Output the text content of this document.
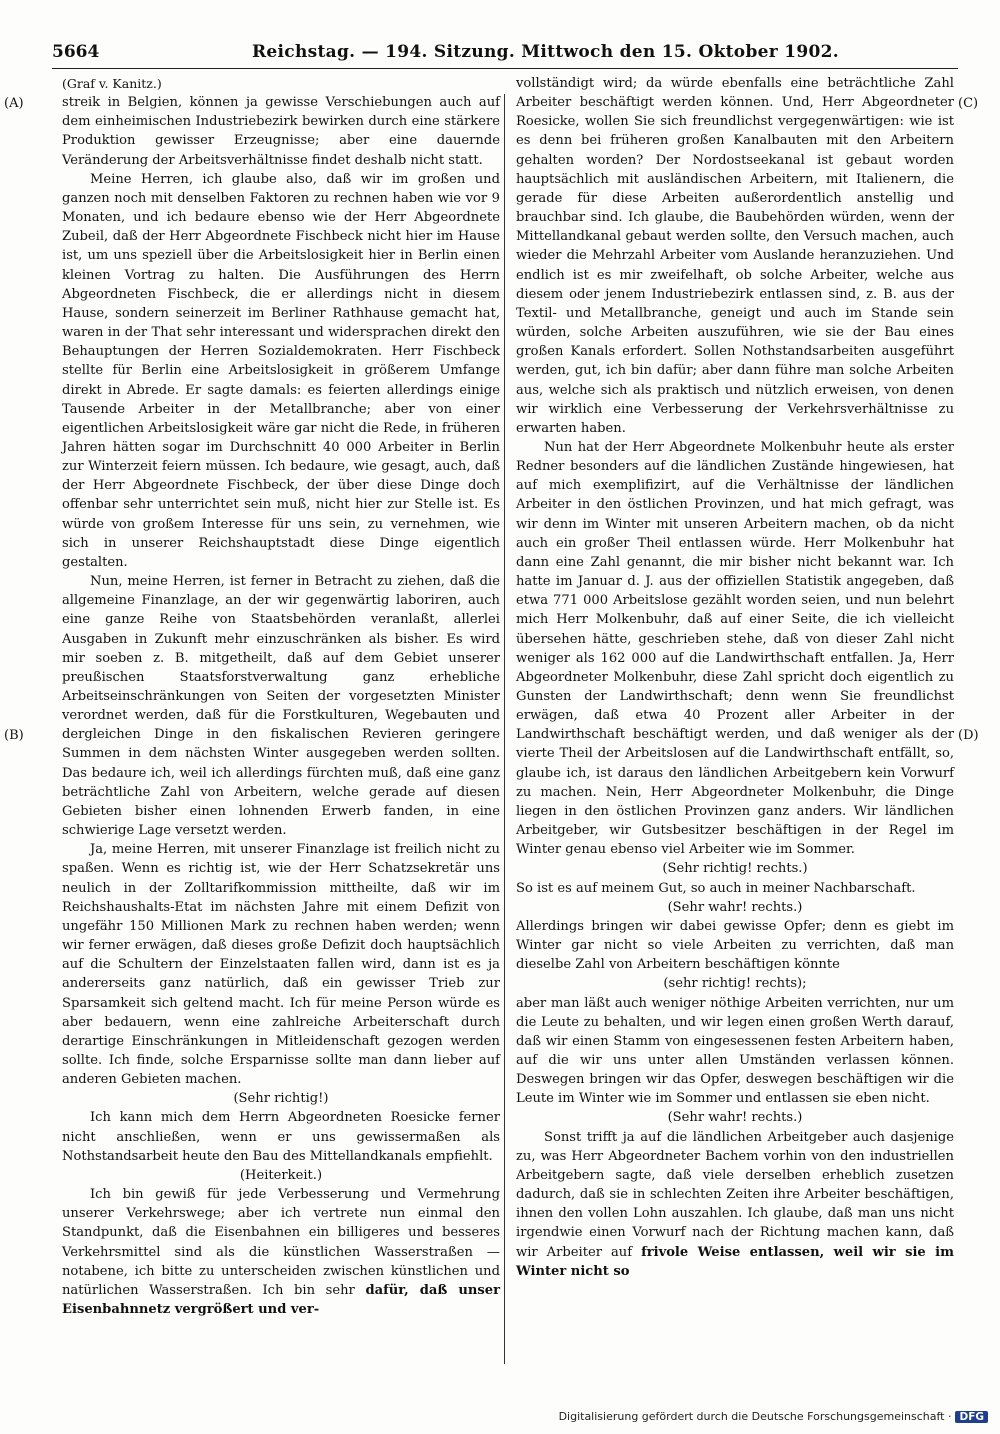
5664	Reichstag. — 194. Sitzung. Mittwoch den 15. Oktober 1902.
(A)
(B)
(C)
(D)

(Graf v. Kanitz.)

streik in Belgien, können ja gewisse Verschiebungen auch auf dem einheimischen Industriebezirk bewirken durch eine stärkere Produktion gewisser Erzeugnisse; aber eine dauernde Veränderung der Arbeitsverhältnisse findet deshalb nicht statt.

Meine Herren, ich glaube also, daß wir im großen und ganzen noch mit denselben Faktoren zu rechnen haben wie vor 9 Monaten, und ich bedaure ebenso wie der Herr Abgeordnete Zubeil, daß der Herr Abgeordnete Fischbeck nicht hier im Hause ist, um uns speziell über die Arbeitslosigkeit hier in Berlin einen kleinen Vortrag zu halten. Die Ausführungen des Herrn Abgeordneten Fischbeck, die er allerdings nicht in diesem Hause, sondern seinerzeit im Berliner Rathhause gemacht hat, waren in der That sehr interessant und widersprachen direkt den Behauptungen der Herren Sozialdemokraten. Herr Fischbeck stellte für Berlin eine Arbeitslosigkeit in größerem Umfange direkt in Abrede. Er sagte damals: es feierten allerdings einige Tausende Arbeiter in der Metallbranche; aber von einer eigentlichen Arbeitslosigkeit wäre gar nicht die Rede, in früheren Jahren hätten sogar im Durchschnitt 40 000 Arbeiter in Berlin zur Winterzeit feiern müssen. Ich bedaure, wie gesagt, auch, daß der Herr Abgeordnete Fischbeck, der über diese Dinge doch offenbar sehr unterrichtet sein muß, nicht hier zur Stelle ist. Es würde von großem Interesse für uns sein, zu vernehmen, wie sich in unserer Reichshauptstadt diese Dinge eigentlich gestalten.

Nun, meine Herren, ist ferner in Betracht zu ziehen, daß die allgemeine Finanzlage, an der wir gegenwärtig laboriren, auch eine ganze Reihe von Staatsbehörden veranlaßt, allerlei Ausgaben in Zukunft mehr einzuschränken als bisher. Es wird mir soeben z. B. mitgetheilt, daß auf dem Gebiet unserer preußischen Staatsforstverwaltung ganz erhebliche Arbeitseinschränkungen von Seiten der vorgesetzten Minister verordnet werden, daß für die Forstkulturen, Wegebauten und dergleichen Dinge in den fiskalischen Revieren geringere Summen in dem nächsten Winter ausgegeben werden sollten. Das bedaure ich, weil ich allerdings fürchten muß, daß eine ganz beträchtliche Zahl von Arbeitern, welche gerade auf diesen Gebieten bisher einen lohnenden Erwerb fanden, in eine schwierige Lage versetzt werden.

Ja, meine Herren, mit unserer Finanzlage ist freilich nicht zu spaßen. Wenn es richtig ist, wie der Herr Schatzsekretär uns neulich in der Zolltarifkommission mittheilte, daß wir im Reichshaushalts-Etat im nächsten Jahre mit einem Defizit von ungefähr 150 Millionen Mark zu rechnen haben werden; wenn wir ferner erwägen, daß dieses große Defizit doch hauptsächlich auf die Schultern der Einzelstaaten fallen wird, dann ist es ja andererseits ganz natürlich, daß ein gewisser Trieb zur Sparsamkeit sich geltend macht. Ich für meine Person würde es aber bedauern, wenn eine zahlreiche Arbeiterschaft durch derartige Einschränkungen in Mitleidenschaft gezogen werden sollte. Ich finde, solche Ersparnisse sollte man dann lieber auf anderen Gebieten machen.

(Sehr richtig!)

Ich kann mich dem Herrn Abgeordneten Roesicke ferner nicht anschließen, wenn er uns gewissermaßen als Nothstandsarbeit heute den Bau des Mittellandkanals empfiehlt.

(Heiterkeit.)

Ich bin gewiß für jede Verbesserung und Vermehrung unserer Verkehrswege; aber ich vertrete nun einmal den Standpunkt, daß die Eisenbahnen ein billigeres und besseres Verkehrsmittel sind als die künstlichen Wasserstraßen — notabene, ich bitte zu unterscheiden zwischen künstlichen und natürlichen Wasserstraßen. Ich bin sehr dafür, daß unser Eisenbahnnetz vergrößert und ver-

vollständigt wird; da würde ebenfalls eine beträchtliche Zahl Arbeiter beschäftigt werden können. Und, Herr Abgeordneter Roesicke, wollen Sie sich freundlichst vergegenwärtigen: wie ist es denn bei früheren großen Kanalbauten mit den Arbeitern gehalten worden? Der Nordostseekanal ist gebaut worden hauptsächlich mit ausländischen Arbeitern, mit Italienern, die gerade für diese Arbeiten außerordentlich anstellig und brauchbar sind. Ich glaube, die Baubehörden würden, wenn der Mittellandkanal gebaut werden sollte, den Versuch machen, auch wieder die Mehrzahl Arbeiter vom Auslande heranzuziehen. Und endlich ist es mir zweifelhaft, ob solche Arbeiter, welche aus diesem oder jenem Industriebezirk entlassen sind, z. B. aus der Textil- und Metallbranche, geneigt und auch im Stande sein würden, solche Arbeiten auszuführen, wie sie der Bau eines großen Kanals erfordert. Sollen Nothstandsarbeiten ausgeführt werden, gut, ich bin dafür; aber dann führe man solche Arbeiten aus, welche sich als praktisch und nützlich erweisen, von denen wir wirklich eine Verbesserung der Verkehrsverhältnisse zu erwarten haben.

Nun hat der Herr Abgeordnete Molkenbuhr heute als erster Redner besonders auf die ländlichen Zustände hingewiesen, hat auf mich exemplifizirt, auf die Verhältnisse der ländlichen Arbeiter in den östlichen Provinzen, und hat mich gefragt, was wir denn im Winter mit unseren Arbeitern machen, ob da nicht auch ein großer Theil entlassen würde. Herr Molkenbuhr hat dann eine Zahl genannt, die mir bisher nicht bekannt war. Ich hatte im Januar d. J. aus der offiziellen Statistik angegeben, daß etwa 771 000 Arbeitslose gezählt worden seien, und nun belehrt mich Herr Molkenbuhr, daß auf einer Seite, die ich vielleicht übersehen hätte, geschrieben stehe, daß von dieser Zahl nicht weniger als 162 000 auf die Landwirthschaft entfallen. Ja, Herr Abgeordneter Molkenbuhr, diese Zahl spricht doch eigentlich zu Gunsten der Landwirthschaft; denn wenn Sie freundlichst erwägen, daß etwa 40 Prozent aller Arbeiter in der Landwirthschaft beschäftigt werden, und daß weniger als der vierte Theil der Arbeitslosen auf die Landwirthschaft entfällt, so, glaube ich, ist daraus den ländlichen Arbeitgebern kein Vorwurf zu machen. Nein, Herr Abgeordneter Molkenbuhr, die Dinge liegen in den östlichen Provinzen ganz anders. Wir ländlichen Arbeitgeber, wir Gutsbesitzer beschäftigen in der Regel im Winter genau ebenso viel Arbeiter wie im Sommer.

(Sehr richtig! rechts.)

So ist es auf meinem Gut, so auch in meiner Nachbarschaft.

(Sehr wahr! rechts.)

Allerdings bringen wir dabei gewisse Opfer; denn es giebt im Winter gar nicht so viele Arbeiten zu verrichten, daß man dieselbe Zahl von Arbeitern beschäftigen könnte

(sehr richtig! rechts);

aber man läßt auch weniger nöthige Arbeiten verrichten, nur um die Leute zu behalten, und wir legen einen großen Werth darauf, daß wir einen Stamm von eingesessenen festen Arbeitern haben, auf die wir uns unter allen Umständen verlassen können. Deswegen bringen wir das Opfer, deswegen beschäftigen wir die Leute im Winter wie im Sommer und entlassen sie eben nicht.

(Sehr wahr! rechts.)

Sonst trifft ja auf die ländlichen Arbeitgeber auch dasjenige zu, was Herr Abgeordneter Bachem vorhin von den industriellen Arbeitgebern sagte, daß viele derselben erheblich zusetzen dadurch, daß sie in schlechten Zeiten ihre Arbeiter beschäftigen, ihnen den vollen Lohn auszahlen. Ich glaube, daß man uns nicht irgendwie einen Vorwurf nach der Richtung machen kann, daß wir Arbeiter auf frivole Weise entlassen, weil wir sie im Winter nicht so

Digitalisierung gefördert durch die Deutsche Forschungsgemeinschaft · DFG
